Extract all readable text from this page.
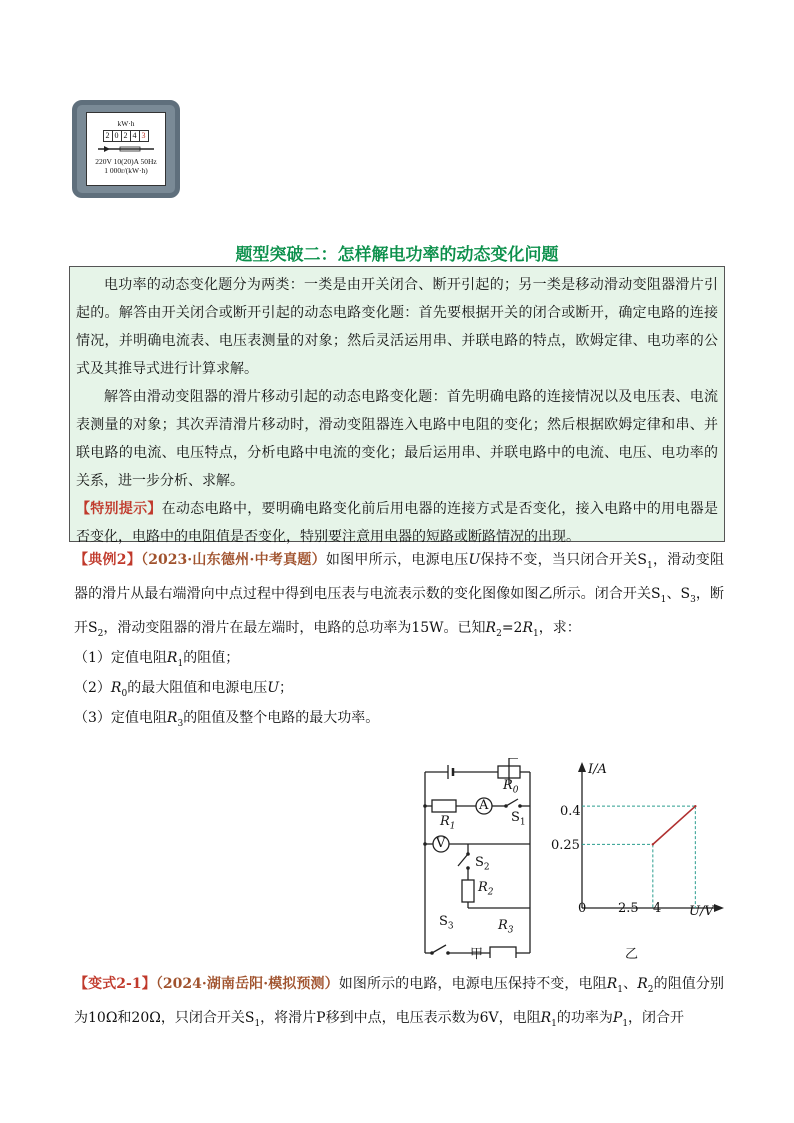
kW·h
2 0 2 4 3
220V 10(20)A 50Hz
1 000r/(kW·h)
题型突破二：怎样解电功率的动态变化问题

电功率的动态变化题分为两类：一类是由开关闭合、断开引起的；另一类是移动滑动变阻器滑片引起的。解答由开关闭合或断开引起的动态电路变化题：首先要根据开关的闭合或断开，确定电路的连接情况，并明确电流表、电压表测量的对象；然后灵活运用串、并联电路的特点，欧姆定律、电功率的公式及其推导式进行计算求解。

解答由滑动变阻器的滑片移动引起的动态电路变化题：首先明确电路的连接情况以及电压表、电流表测量的对象；其次弄清滑片移动时，滑动变阻器连入电路中电阻的变化；然后根据欧姆定律和串、并联电路的电流、电压特点，分析电路中电流的变化；最后运用串、并联电路中的电流、电压、电功率的关系，进一步分析、求解。

【特别提示】在动态电路中，要明确电路变化前后用电器的连接方式是否变化，接入电路中的用电器是否变化，电路中的电阻值是否变化，特别要注意用电器的短路或断路情况的出现。

【典例2】（2023·山东德州·中考真题）如图甲所示，电源电压U保持不变，当只闭合开关$S_1$，滑动变阻器的滑片从最右端滑向中点过程中得到电压表与电流表示数的变化图像如图乙所示。闭合开关$S_1$、$S_3$，断开$S_2$，滑动变阻器的滑片在最左端时，电路的总功率为15W。已知$R_2=2R_1$，求：
（1）定值电阻$R_1$的阻值；
$(2)R_0$的最大阻值和电源电压U；
（3）定值电阻$R_3$的阻值及整个电路的最大功率。
$R_0$
$R_1$
A
V
$S_1$
$S_2$
$R_2$
$S_3$	$R_3$
甲
I/A
U/V
0.4
0.25
0 2.5 4
乙
【变式2-1】（2024·湖南岳阳·模拟预测）如图所示的电路，电源电压保持不变，电阻$R_1$、$R_2$的阻值分别为10Ω和20Ω，只闭合开关$S_1$，将滑片P移到中点，电压表示数为6V，电阻$R_1$的功率为$P_1$，闭合开
